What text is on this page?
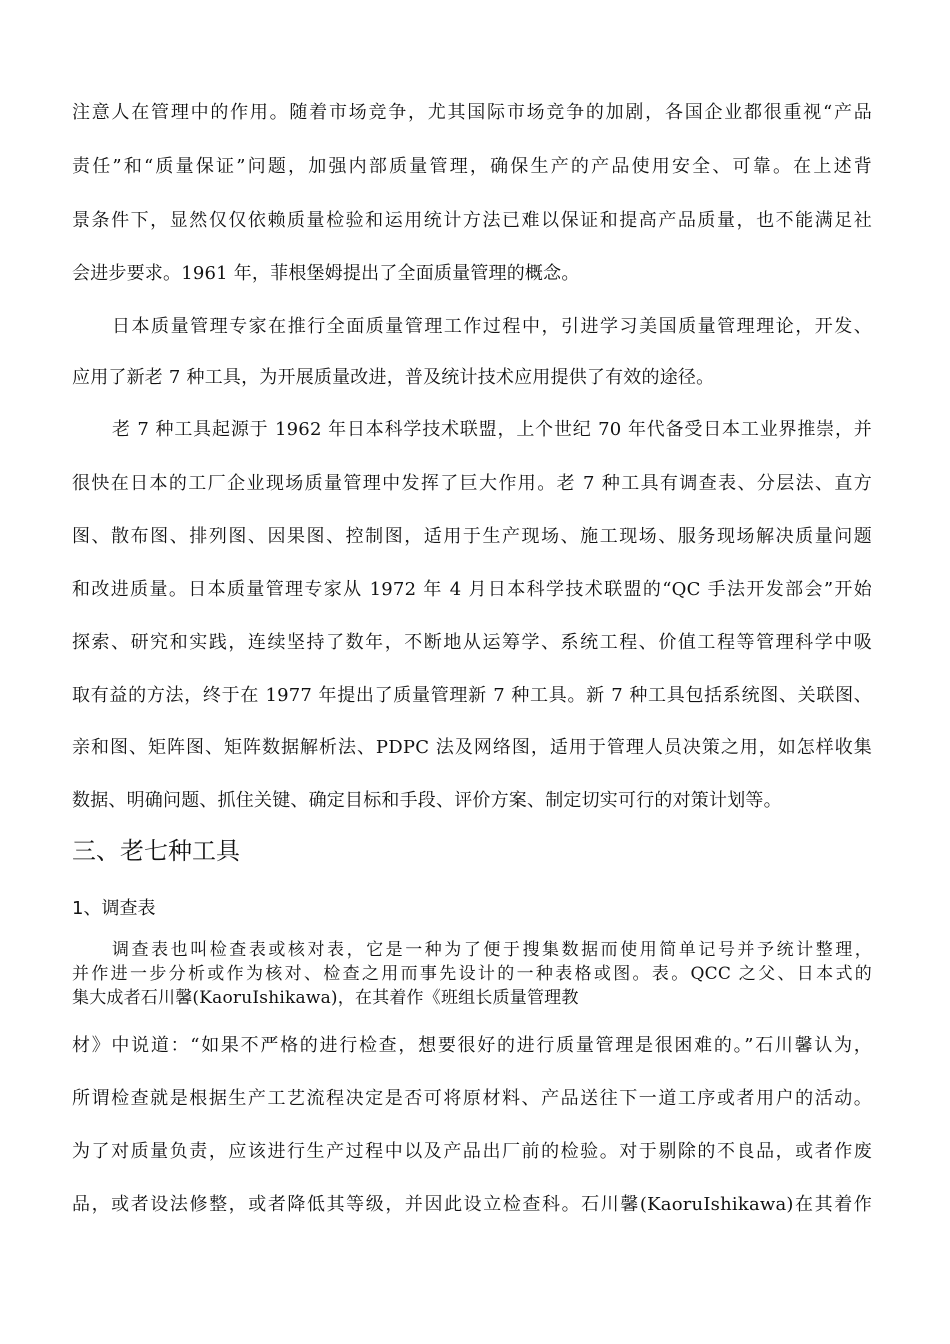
注意人在管理中的作用。随着市场竞争，尤其国际市场竞争的加剧，各国企业都很重视“产品
责任”和“质量保证”问题，加强内部质量管理，确保生产的产品使用安全、可靠。在上述背
景条件下，显然仅仅依赖质量检验和运用统计方法已难以保证和提高产品质量，也不能满足社
会进步要求。1961 年，菲根堡姆提出了全面质量管理的概念。
日本质量管理专家在推行全面质量管理工作过程中，引进学习美国质量管理理论，开发、
应用了新老 7 种工具，为开展质量改进，普及统计技术应用提供了有效的途径。
老 7 种工具起源于 1962 年日本科学技术联盟，上个世纪 70 年代备受日本工业界推崇，并
很快在日本的工厂企业现场质量管理中发挥了巨大作用。老 7 种工具有调查表、分层法、直方
图、散布图、排列图、因果图、控制图，适用于生产现场、施工现场、服务现场解决质量问题
和改进质量。日本质量管理专家从 1972 年 4 月日本科学技术联盟的“QC 手法开发部会”开始
探索、研究和实践，连续坚持了数年，不断地从运筹学、系统工程、价值工程等管理科学中吸
取有益的方法，终于在 1977 年提出了质量管理新 7 种工具。新 7 种工具包括系统图、关联图、
亲和图、矩阵图、矩阵数据解析法、PDPC 法及网络图，适用于管理人员决策之用，如怎样收集
数据、明确问题、抓住关键、确定目标和手段、评价方案、制定切实可行的对策计划等。
三、老七种工具
1、调查表
调查表也叫检查表或核对表，它是一种为了便于搜集数据而使用简单记号并予统计整理，
并作进一步分析或作为核对、检查之用而事先设计的一种表格或图。表。QCC 之父、日本式的
集大成者石川馨(KaoruIshikawa)，在其着作《班组长质量管理教
材》中说道：“如果不严格的进行检查，想要很好的进行质量管理是很困难的。”石川馨认为，
所谓检查就是根据生产工艺流程决定是否可将原材料、产品送往下一道工序或者用户的活动。
为了对质量负责，应该进行生产过程中以及产品出厂前的检验。对于剔除的不良品，或者作废
品，或者设法修整，或者降低其等级，并因此设立检查科。石川馨(KaoruIshikawa)在其着作
